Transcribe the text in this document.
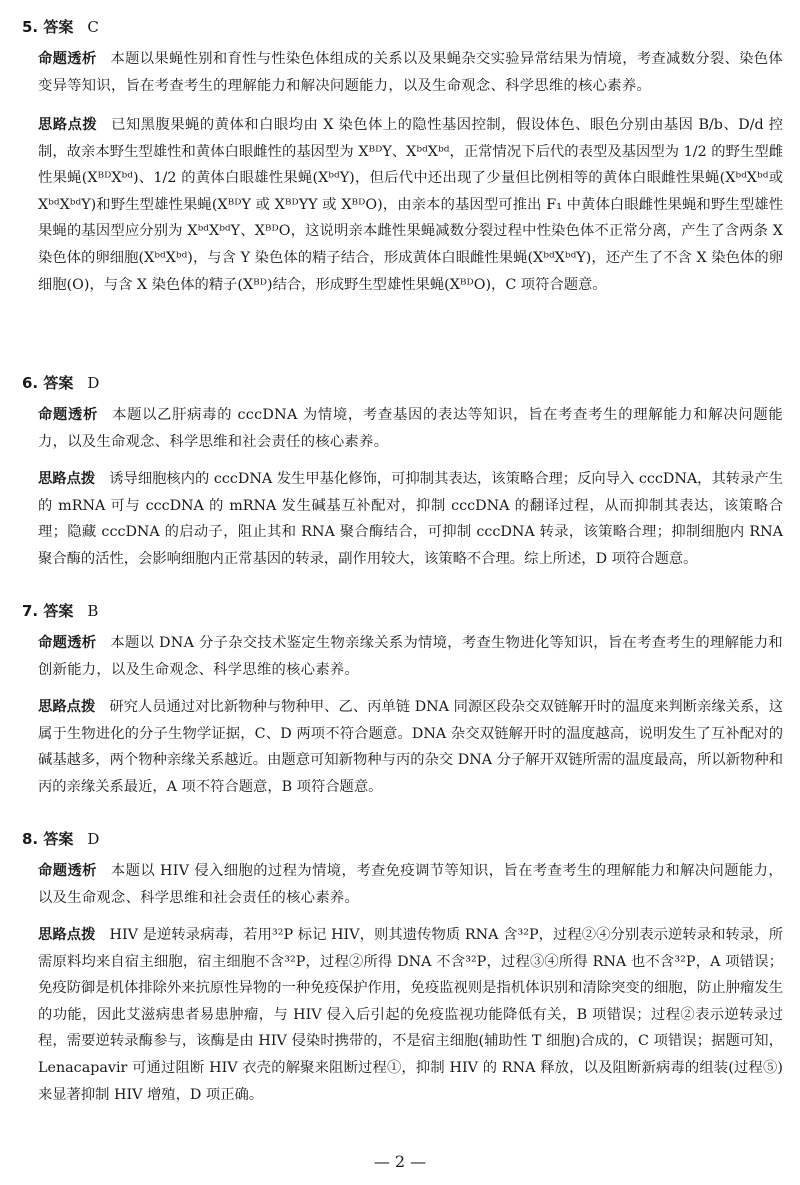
5. 答案 C

命题透析 本题以果蝇性别和育性与性染色体组成的关系以及果蝇杂交实验异常结果为情境，考查减数分裂、染色体变异等知识，旨在考查考生的理解能力和解决问题能力，以及生命观念、科学思维的核心素养。

思路点拨 已知黑腹果蝇的黄体和白眼均由 X 染色体上的隐性基因控制，假设体色、眼色分别由基因 B/b、D/d 控制，故亲本野生型雄性和黄体白眼雌性的基因型为 XᴮᴰY、XᵇᵈXᵇᵈ，正常情况下后代的表型及基因型为 1/2 的野生型雌性果蝇(XᴮᴰXᵇᵈ)、1/2 的黄体白眼雄性果蝇(XᵇᵈY)，但后代中还出现了少量但比例相等的黄体白眼雌性果蝇(XᵇᵈXᵇᵈ或 XᵇᵈXᵇᵈY)和野生型雄性果蝇(XᴮᴰY 或 XᴮᴰYY 或 XᴮᴰO)，由亲本的基因型可推出 F₁ 中黄体白眼雌性果蝇和野生型雄性果蝇的基因型应分别为 XᵇᵈXᵇᵈY、XᴮᴰO，这说明亲本雌性果蝇减数分裂过程中性染色体不正常分离，产生了含两条 X 染色体的卵细胞(XᵇᵈXᵇᵈ)，与含 Y 染色体的精子结合，形成黄体白眼雌性果蝇(XᵇᵈXᵇᵈY)，还产生了不含 X 染色体的卵细胞(O)，与含 X 染色体的精子(Xᴮᴰ)结合，形成野生型雄性果蝇(XᴮᴰO)，C 项符合题意。

6. 答案 D

命题透析 本题以乙肝病毒的 cccDNA 为情境，考查基因的表达等知识，旨在考查考生的理解能力和解决问题能力，以及生命观念、科学思维和社会责任的核心素养。

思路点拨 诱导细胞核内的 cccDNA 发生甲基化修饰，可抑制其表达，该策略合理；反向导入 cccDNA，其转录产生的 mRNA 可与 cccDNA 的 mRNA 发生碱基互补配对，抑制 cccDNA 的翻译过程，从而抑制其表达，该策略合理；隐藏 cccDNA 的启动子，阻止其和 RNA 聚合酶结合，可抑制 cccDNA 转录，该策略合理；抑制细胞内 RNA 聚合酶的活性，会影响细胞内正常基因的转录，副作用较大，该策略不合理。综上所述，D 项符合题意。

7. 答案 B

命题透析 本题以 DNA 分子杂交技术鉴定生物亲缘关系为情境，考查生物进化等知识，旨在考查考生的理解能力和创新能力，以及生命观念、科学思维的核心素养。

思路点拨 研究人员通过对比新物种与物种甲、乙、丙单链 DNA 同源区段杂交双链解开时的温度来判断亲缘关系，这属于生物进化的分子生物学证据，C、D 两项不符合题意。DNA 杂交双链解开时的温度越高，说明发生了互补配对的碱基越多，两个物种亲缘关系越近。由题意可知新物种与丙的杂交 DNA 分子解开双链所需的温度最高，所以新物种和丙的亲缘关系最近，A 项不符合题意，B 项符合题意。

8. 答案 D

命题透析 本题以 HIV 侵入细胞的过程为情境，考查免疫调节等知识，旨在考查考生的理解能力和解决问题能力，以及生命观念、科学思维和社会责任的核心素养。

思路点拨 HIV 是逆转录病毒，若用³²P 标记 HIV，则其遗传物质 RNA 含³²P，过程②④分别表示逆转录和转录，所需原料均来自宿主细胞，宿主细胞不含³²P，过程②所得 DNA 不含³²P，过程③④所得 RNA 也不含³²P，A 项错误；免疫防御是机体排除外来抗原性异物的一种免疫保护作用，免疫监视则是指机体识别和清除突变的细胞，防止肿瘤发生的功能，因此艾滋病患者易患肿瘤，与 HIV 侵入后引起的免疫监视功能降低有关，B 项错误；过程②表示逆转录过程，需要逆转录酶参与，该酶是由 HIV 侵染时携带的，不是宿主细胞(辅助性 T 细胞)合成的，C 项错误；据题可知，Lenacapavir 可通过阻断 HIV 衣壳的解聚来阻断过程①，抑制 HIV 的 RNA 释放，以及阻断新病毒的组装(过程⑤)来显著抑制 HIV 增殖，D 项正确。

— 2 —
